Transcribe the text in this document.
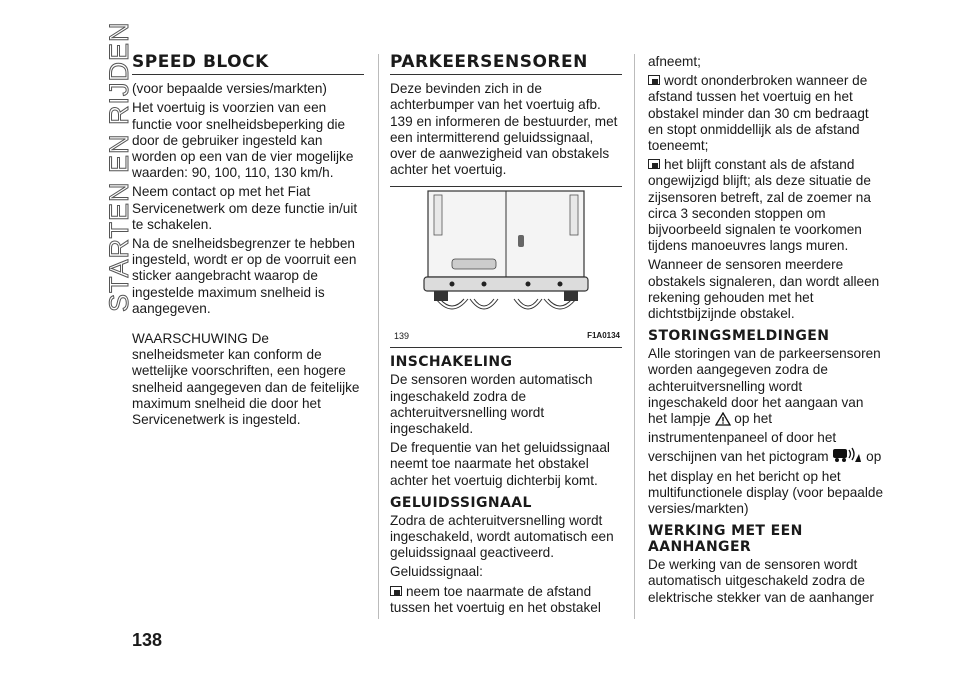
STARTEN EN RIJDEN
SPEED BLOCK

(voor bepaalde versies/markten)

Het voertuig is voorzien van een functie voor snelheidsbeperking die door de gebruiker ingesteld kan worden op een van de vier mogelijke waarden: 90, 100, 110, 130 km/h.

Neem contact op met het Fiat Servicenetwerk om deze functie in/uit te schakelen.

Na de snelheidsbegrenzer te hebben ingesteld, wordt er op de voorruit een sticker aangebracht waarop de ingestelde maximum snelheid is aangegeven.

WAARSCHUWING De snelheidsmeter kan conform de wettelijke voorschriften, een hogere snelheid aangegeven dan de feitelijke maximum snelheid die door het Servicenetwerk is ingesteld.

PARKEERSENSOREN

Deze bevinden zich in de achterbumper van het voertuig afb. 139 en informeren de bestuurder, met een intermitterend geluidssignaal, over de aanwezigheid van obstakels achter het voertuig.

139	F1A0134
INSCHAKELING

De sensoren worden automatisch ingeschakeld zodra de achteruitversnelling wordt ingeschakeld.

De frequentie van het geluidssignaal neemt toe naarmate het obstakel achter het voertuig dichterbij komt.

GELUIDSSIGNAAL

Zodra de achteruitversnelling wordt ingeschakeld, wordt automatisch een geluidssignaal geactiveerd.

Geluidssignaal:

neem toe naarmate de afstand tussen het voertuig en het obstakel

afneemt;

wordt ononderbroken wanneer de afstand tussen het voertuig en het obstakel minder dan 30 cm bedraagt en stopt onmiddellijk als de afstand toeneemt;

het blijft constant als de afstand ongewijzigd blijft; als deze situatie de zijsensoren betreft, zal de zoemer na circa 3 seconden stoppen om bijvoorbeeld signalen te voorkomen tijdens manoeuvres langs muren.

Wanneer de sensoren meerdere obstakels signaleren, dan wordt alleen rekening gehouden met het dichtstbijzijnde obstakel.

STORINGSMELDINGEN

Alle storingen van de parkeersensoren worden aangegeven zodra de achteruitversnelling wordt ingeschakeld door het aangaan van het lampje op het instrumentenpaneel of door het verschijnen van het pictogram	op het display en het bericht op het multifunctionele display (voor bepaalde versies/markten)

WERKING MET EEN AANHANGER

De werking van de sensoren wordt automatisch uitgeschakeld zodra de elektrische stekker van de aanhanger

138
